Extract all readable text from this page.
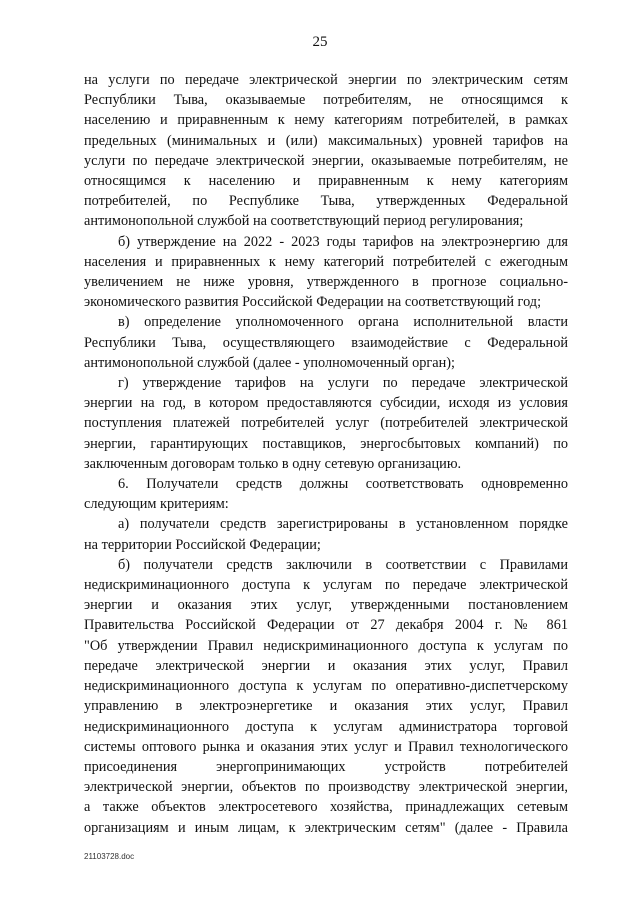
25
на услуги по передаче электрической энергии по электрическим сетям
Республики Тыва, оказываемые потребителям, не относящимся к
населению и приравненным к нему категориям потребителей, в рамках
предельных (минимальных и (или) максимальных) уровней тарифов на
услуги по передаче электрической энергии, оказываемые потребителям, не
относящимся к населению и приравненным к нему категориям
потребителей, по Республике Тыва, утвержденных Федеральной
антимонопольной службой на соответствующий период регулирования;
б) утверждение на 2022 - 2023 годы тарифов на электроэнергию для
населения и приравненных к нему категорий потребителей с ежегодным
увеличением не ниже уровня, утвержденного в прогнозе социально-
экономического развития Российской Федерации на соответствующий год;
в) определение уполномоченного органа исполнительной власти
Республики Тыва, осуществляющего взаимодействие с Федеральной
антимонопольной службой (далее - уполномоченный орган);
г) утверждение тарифов на услуги по передаче электрической
энергии на год, в котором предоставляются субсидии, исходя из условия
поступления платежей потребителей услуг (потребителей электрической
энергии, гарантирующих поставщиков, энергосбытовых компаний) по
заключенным договорам только в одну сетевую организацию.
6. Получатели средств должны соответствовать одновременно
следующим критериям:
а) получатели средств зарегистрированы в установленном порядке
на территории Российской Федерации;
б) получатели средств заключили в соответствии с Правилами
недискриминационного доступа к услугам по передаче электрической
энергии и оказания этих услуг, утвержденными постановлением
Правительства Российской Федерации от 27 декабря 2004 г. № 861
"Об утверждении Правил недискриминационного доступа к услугам по
передаче электрической энергии и оказания этих услуг, Правил
недискриминационного доступа к услугам по оперативно-диспетчерскому
управлению в электроэнергетике и оказания этих услуг, Правил
недискриминационного доступа к услугам администратора торговой
системы оптового рынка и оказания этих услуг и Правил технологического
присоединения энергопринимающих устройств потребителей
электрической энергии, объектов по производству электрической энергии,
а также объектов электросетевого хозяйства, принадлежащих сетевым
организациям и иным лицам, к электрическим сетям" (далее - Правила
21103728.doc
